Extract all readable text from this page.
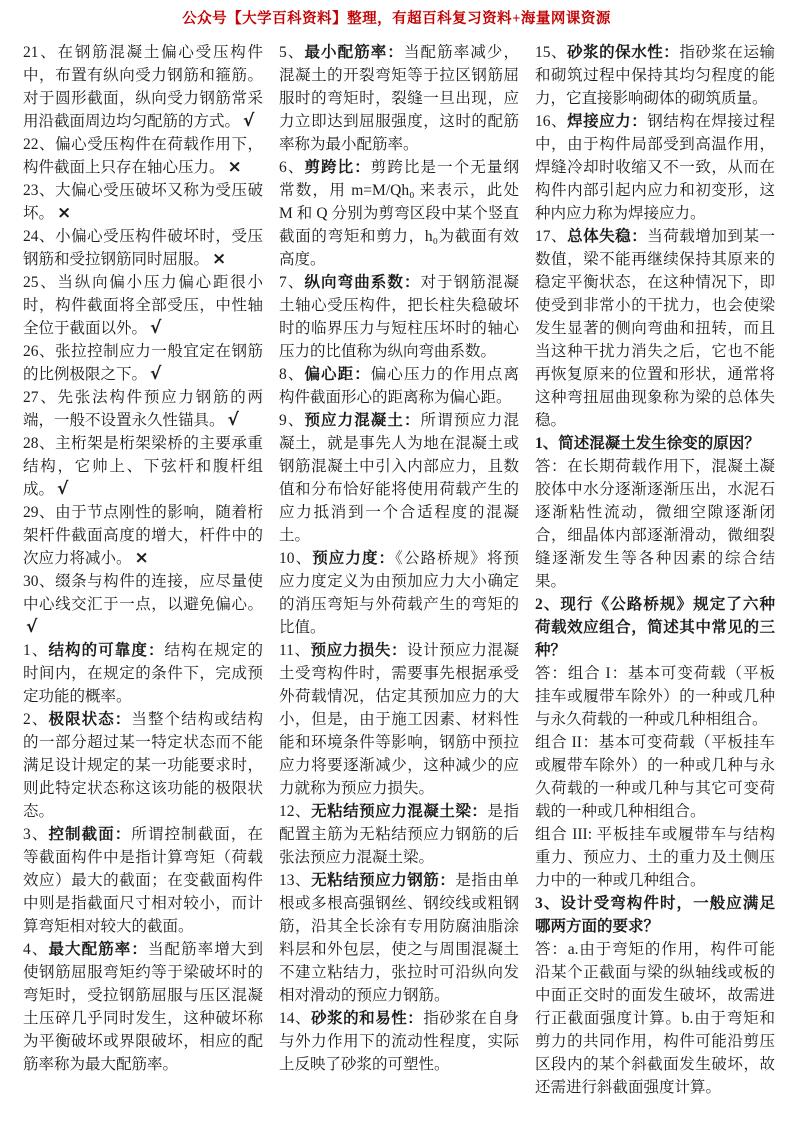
公众号【大学百科资料】整理，有超百科复习资料+海量网课资源

21、在钢筋混凝土偏心受压构件中，布置有纵向受力钢筋和箍筋。对于圆形截面，纵向受力钢筋常采用沿截面周边均匀配筋的方式。 √

22、偏心受压构件在荷载作用下，构件截面上只存在轴心压力。 ×

23、大偏心受压破坏又称为受压破坏。 ×

24、小偏心受压构件破坏时，受压钢筋和受拉钢筋同时屈服。 ×

25、当纵向偏小压力偏心距很小时，构件截面将全部受压，中性轴全位于截面以外。 √

26、张拉控制应力一般宜定在钢筋的比例极限之下。 √

27、先张法构件预应力钢筋的两端，一般不设置永久性锚具。 √

28、主桁架是桁架梁桥的主要承重结构，它帅上、下弦杆和腹杆组成。 √

29、由于节点刚性的影响，随着桁架杆件截面高度的增大，杆件中的次应力将减小。 ×

30、缀条与构件的连接，应尽量使中心线交汇于一点，以避免偏心。√

1、结构的可靠度：结构在规定的时间内，在规定的条件下，完成预定功能的概率。

2、极限状态：当整个结构或结构的一部分超过某一特定状态而不能满足设计规定的某一功能要求时，则此特定状态称这该功能的极限状态。

3、控制截面：所谓控制截面，在等截面构件中是指计算弯矩（荷载效应）最大的截面；在变截面构件中则是指截面尺寸相对较小，而计算弯矩相对较大的截面。

4、最大配筋率：当配筋率增大到使钢筋屈服弯矩约等于梁破坏时的弯矩时，受拉钢筋屈服与压区混凝土压碎几乎同时发生，这种破坏称为平衡破坏或界限破坏，相应的配筋率称为最大配筋率。

5、最小配筋率：当配筋率减少，混凝土的开裂弯矩等于拉区钢筋屈服时的弯矩时，裂缝一旦出现，应力立即达到屈服强度，这时的配筋率称为最小配筋率。

6、剪跨比：剪跨比是一个无量纲常数，用 m=M/Qh₀ 来表示，此处 M 和 Q 分别为剪弯区段中某个竖直截面的弯矩和剪力，h₀为截面有效高度。

7、纵向弯曲系数：对于钢筋混凝土轴心受压构件，把长柱失稳破坏时的临界压力与短柱压坏时的轴心压力的比值称为纵向弯曲系数。

8、偏心距：偏心压力的作用点离构件截面形心的距离称为偏心距。

9、预应力混凝土：所谓预应力混凝土，就是事先人为地在混凝土或钢筋混凝土中引入内部应力，且数值和分布恰好能将使用荷载产生的应力抵消到一个合适程度的混凝土。

10、预应力度：《公路桥规》将预应力度定义为由预加应力大小确定的消压弯矩与外荷载产生的弯矩的比值。

11、预应力损失：设计预应力混凝土受弯构件时，需要事先根据承受外荷载情况，估定其预加应力的大小，但是，由于施工因素、材料性能和环境条件等影响，钢筋中预拉应力将要逐渐减少，这种减少的应力就称为预应力损失。

12、无粘结预应力混凝土梁：是指配置主筋为无粘结预应力钢筋的后张法预应力混凝土梁。

13、无粘结预应力钢筋：是指由单根或多根高强钢丝、钢绞线或粗钢筋，沿其全长涂有专用防腐油脂涂料层和外包层，使之与周围混凝土不建立粘结力，张拉时可沿纵向发相对滑动的预应力钢筋。

14、砂浆的和易性：指砂浆在自身与外力作用下的流动性程度，实际上反映了砂浆的可塑性。

15、砂浆的保水性：指砂浆在运输和砌筑过程中保持其均匀程度的能力，它直接影响砌体的砌筑质量。

16、焊接应力：钢结构在焊接过程中，由于构件局部受到高温作用，焊缝冷却时收缩又不一致，从而在构件内部引起内应力和初变形，这种内应力称为焊接应力。

17、总体失稳：当荷载增加到某一数值，梁不能再继续保持其原来的稳定平衡状态，在这种情况下，即使受到非常小的干扰力，也会使梁发生显著的侧向弯曲和扭转，而且当这种干扰力消失之后，它也不能再恢复原来的位置和形状，通常将这种弯扭屈曲现象称为梁的总体失稳。

1、简述混凝土发生徐变的原因？

答：在长期荷载作用下，混凝土凝胶体中水分逐渐逐渐压出，水泥石逐渐粘性流动，微细空隙逐渐闭合，细晶体内部逐渐滑动，微细裂缝逐渐发生等各种因素的综合结果。

2、现行《公路桥规》规定了六种荷载效应组合，简述其中常见的三种？

答：组合 I：基本可变荷载（平板挂车或履带车除外）的一种或几种与永久荷载的一种或几种相组合。

组合 II：基本可变荷载（平板挂车或履带车除外）的一种或几种与永久荷载的一种或几种与其它可变荷载的一种或几种相组合。

组合 III: 平板挂车或履带车与结构重力、预应力、土的重力及土侧压力中的一种或几种组合。

3、设计受弯构件时，一般应满足哪两方面的要求？

答：a.由于弯矩的作用，构件可能沿某个正截面与梁的纵轴线或板的中面正交时的面发生破坏，故需进行正截面强度计算。b.由于弯矩和剪力的共同作用，构件可能沿剪压区段内的某个斜截面发生破坏，故还需进行斜截面强度计算。
